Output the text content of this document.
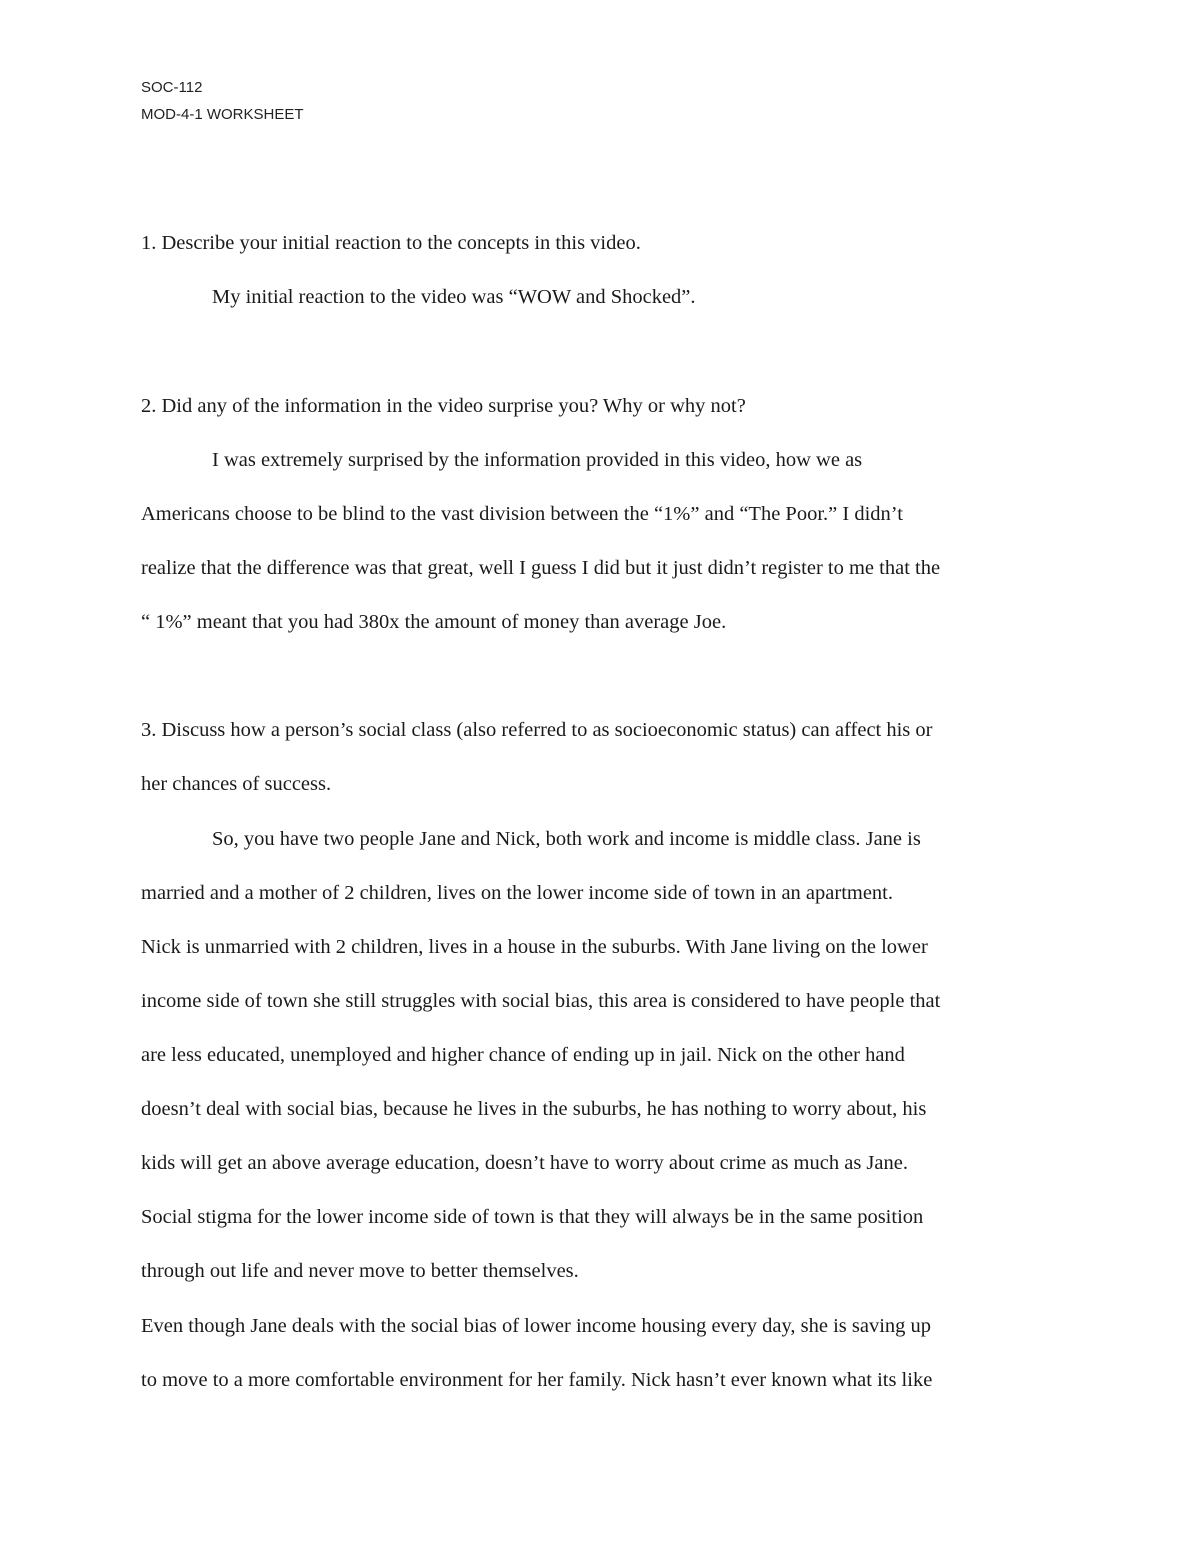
SOC-112
MOD-4-1 WORKSHEET
1. Describe your initial reaction to the concepts in this video.
My initial reaction to the video was “WOW and Shocked”.
2. Did any of the information in the video surprise you? Why or why not?
I was extremely surprised by the information provided in this video, how we as
Americans choose to be blind to the vast division between the “1%” and “The Poor.” I didn’t
realize that the difference was that great, well I guess I did but it just didn’t register to me that the
“ 1%” meant that you had 380x the amount of money than average Joe.
3. Discuss how a person’s social class (also referred to as socioeconomic status) can affect his or
her chances of success.
So, you have two people Jane and Nick, both work and income is middle class. Jane is
married and a mother of 2 children, lives on the lower income side of town in an apartment.
Nick is unmarried with 2 children, lives in a house in the suburbs. With Jane living on the lower
income side of town she still struggles with social bias, this area is considered to have people that
are less educated, unemployed and higher chance of ending up in jail. Nick on the other hand
doesn’t deal with social bias, because he lives in the suburbs, he has nothing to worry about, his
kids will get an above average education, doesn’t have to worry about crime as much as Jane.
Social stigma for the lower income side of town is that they will always be in the same position
through out life and never move to better themselves.
Even though Jane deals with the social bias of lower income housing every day, she is saving up
to move to a more comfortable environment for her family. Nick hasn’t ever known what its like
